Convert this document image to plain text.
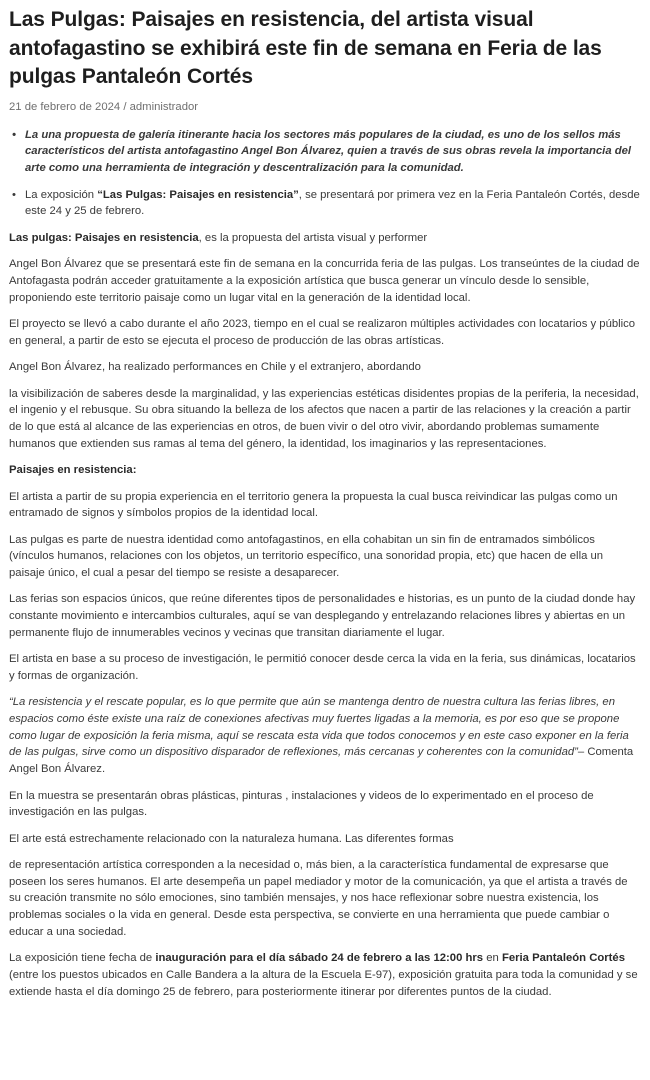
Las Pulgas: Paisajes en resistencia, del artista visual antofagastino se exhibirá este fin de semana en Feria de las pulgas Pantaleón Cortés
21 de febrero de 2024 / administrador
• La una propuesta de galería itinerante hacia los sectores más populares de la ciudad, es uno de los sellos más característicos del artista antofagastino Angel Bon Álvarez, quien a través de sus obras revela la importancia del arte como una herramienta de integración y descentralización para la comunidad.
• La exposición “Las Pulgas: Paisajes en resistencia”, se presentará por primera vez en la Feria Pantaleón Cortés, desde este 24 y 25 de febrero.

Las pulgas: Paisajes en resistencia, es la propuesta del artista visual y performer

Angel Bon Álvarez que se presentará este fin de semana en la concurrida feria de las pulgas. Los transeúntes de la ciudad de Antofagasta podrán acceder gratuitamente a la exposición artística que busca generar un vínculo desde lo sensible, proponiendo este territorio paisaje como un lugar vital en la generación de la identidad local.

El proyecto se llevó a cabo durante el año 2023, tiempo en el cual se realizaron múltiples actividades con locatarios y público en general, a partir de esto se ejecuta el proceso de producción de las obras artísticas.

Angel Bon Álvarez, ha realizado performances en Chile y el extranjero, abordando

la visibilización de saberes desde la marginalidad, y las experiencias estéticas disidentes propias de la periferia, la necesidad, el ingenio y el rebusque. Su obra situando la belleza de los afectos que nacen a partir de las relaciones y la creación a partir de lo que está al alcance de las experiencias en otros, de buen vivir o del otro vivir, abordando problemas sumamente humanos que extienden sus ramas al tema del género, la identidad, los imaginarios y las representaciones.

Paisajes en resistencia:

El artista a partir de su propia experiencia en el territorio genera la propuesta la cual busca reivindicar las pulgas como un entramado de signos y símbolos propios de la identidad local.

Las pulgas es parte de nuestra identidad como antofagastinos, en ella cohabitan un sin fin de entramados simbólicos (vínculos humanos, relaciones con los objetos, un territorio específico, una sonoridad propia, etc) que hacen de ella un paisaje único, el cual a pesar del tiempo se resiste a desaparecer.

Las ferias son espacios únicos, que reúne diferentes tipos de personalidades e historias, es un punto de la ciudad donde hay constante movimiento e intercambios culturales, aquí se van desplegando y entrelazando relaciones libres y abiertas en un permanente flujo de innumerables vecinos y vecinas que transitan diariamente el lugar.

El artista en base a su proceso de investigación, le permitió conocer desde cerca la vida en la feria, sus dinámicas, locatarios y formas de organización.

“La resistencia y el rescate popular, es lo que permite que aún se mantenga dentro de nuestra cultura las ferias libres, en espacios como éste existe una raíz de conexiones afectivas muy fuertes ligadas a la memoria, es por eso que se propone como lugar de exposición la feria misma, aquí se rescata esta vida que todos conocemos y en este caso exponer en la feria de las pulgas, sirve como un dispositivo disparador de reflexiones, más cercanas y coherentes con la comunidad”– Comenta Angel Bon Álvarez.

En la muestra se presentarán obras plásticas, pinturas , instalaciones y videos de lo experimentado en el proceso de investigación en las pulgas.

El arte está estrechamente relacionado con la naturaleza humana. Las diferentes formas

de representación artística corresponden a la necesidad o, más bien, a la característica fundamental de expresarse que poseen los seres humanos. El arte desempeña un papel mediador y motor de la comunicación, ya que el artista a través de su creación transmite no sólo emociones, sino también mensajes, y nos hace reflexionar sobre nuestra existencia, los problemas sociales o la vida en general. Desde esta perspectiva, se convierte en una herramienta que puede cambiar o educar a una sociedad.

La exposición tiene fecha de inauguración para el día sábado 24 de febrero a las 12:00 hrs en Feria Pantaleón Cortés (entre los puestos ubicados en Calle Bandera a la altura de la Escuela E-97), exposición gratuita para toda la comunidad y se extiende hasta el día domingo 25 de febrero, para posteriormente itinerar por diferentes puntos de la ciudad.
